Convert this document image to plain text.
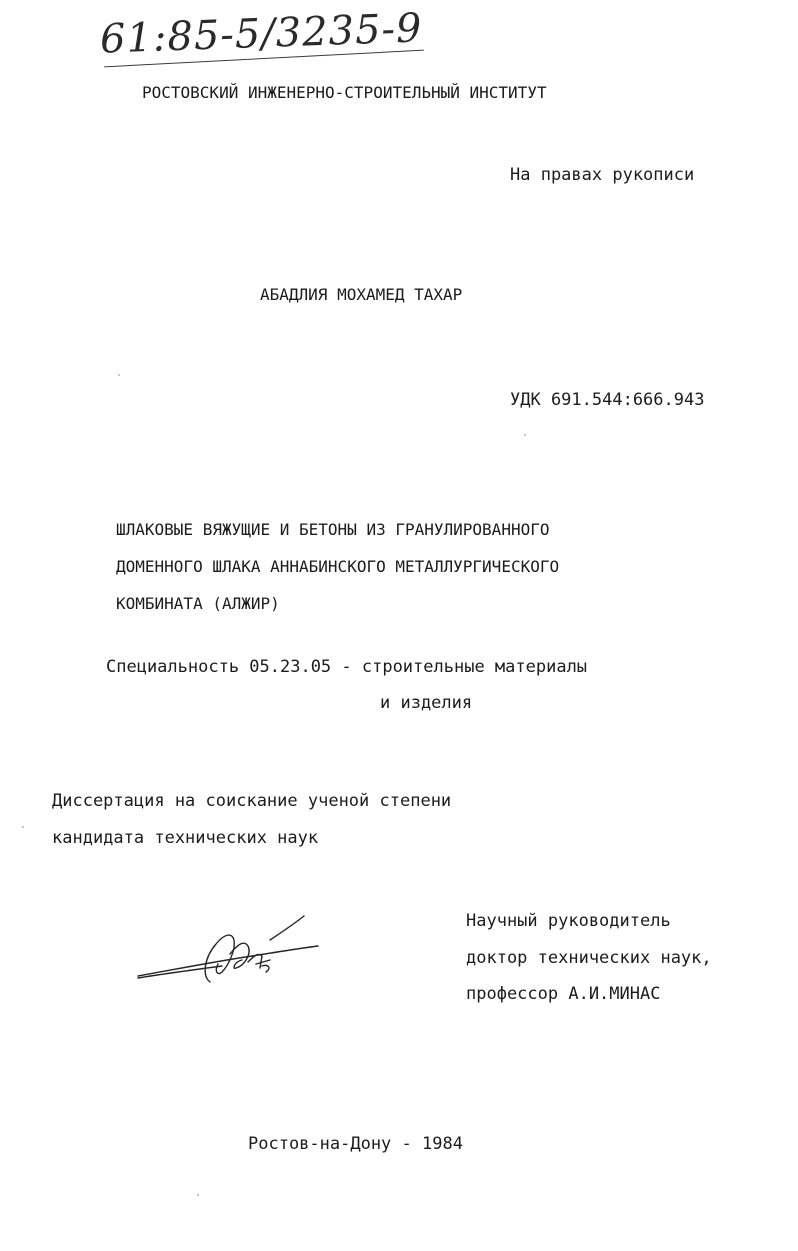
61:85-5/3235-9
РОСТОВСКИЙ ИНЖЕНЕРНО-СТРОИТЕЛЬНЫЙ ИНСТИТУТ
На правах рукописи
АБАДЛИЯ МОХАМЕД ТАХАР
УДК 691.544:666.943
ШЛАКОВЫЕ ВЯЖУЩИЕ И БЕТОНЫ ИЗ ГРАНУЛИРОВАННОГО
ДОМЕННОГО ШЛАКА АННАБИНСКОГО МЕТАЛЛУРГИЧЕСКОГО
КОМБИНАТА (АЛЖИР)
Специальность 05.23.05 - строительные материалы
и изделия
Диссертация на соискание ученой степени
кандидата технических наук
Научный руководитель
доктор технических наук,
профессор А.И.МИНАС
Ростов-на-Дону - 1984
